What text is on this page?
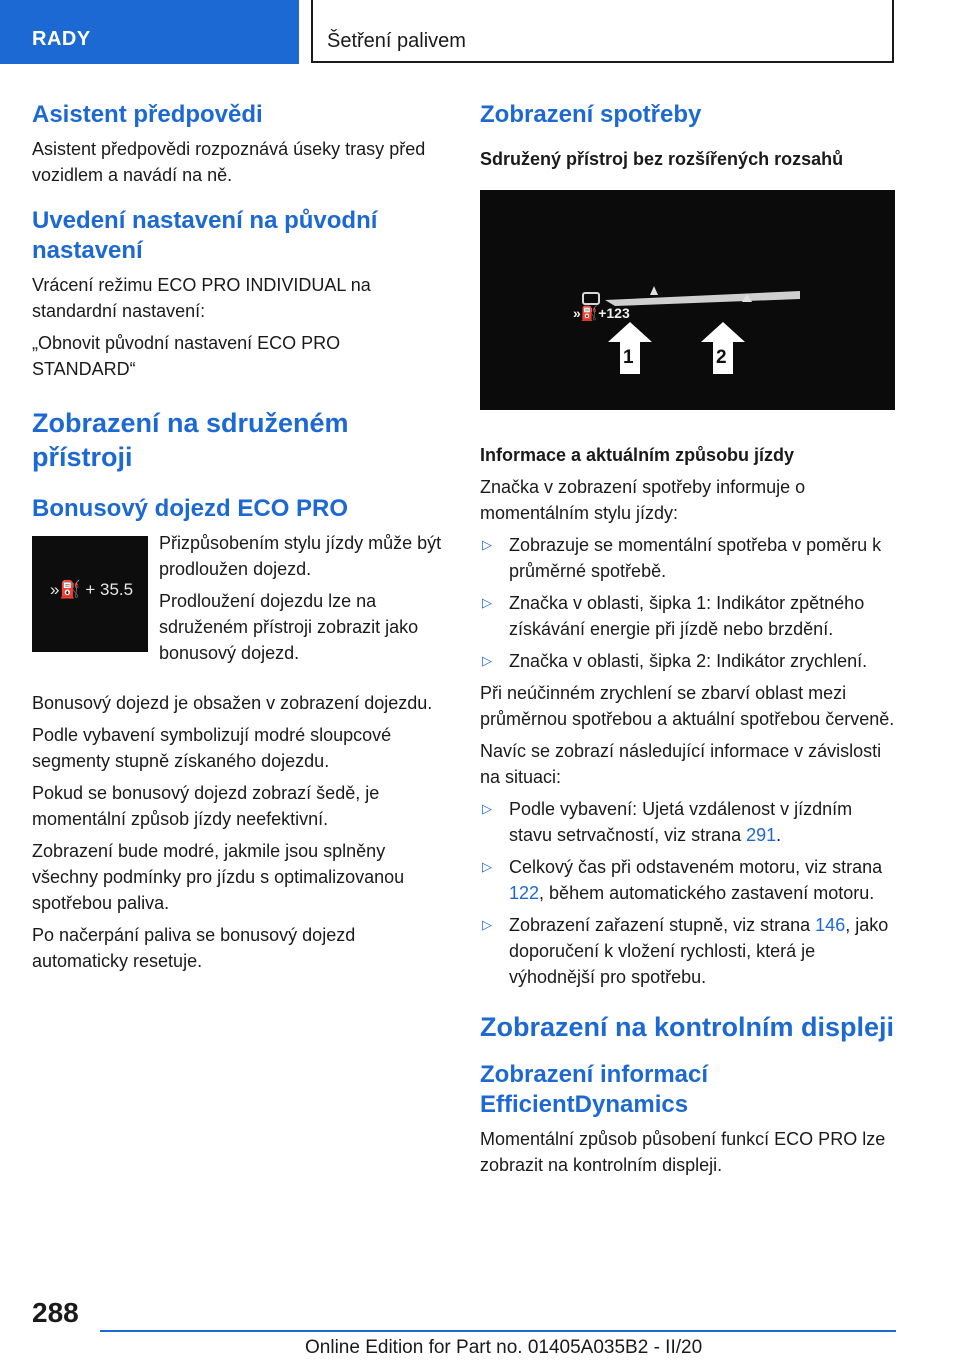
RADY	Šetření palivem
Asistent předpovědi

Asistent předpovědi rozpoznává úseky trasy před vozidlem a navádí na ně.

Uvedení nastavení na původní nastavení

Vrácení režimu ECO PRO INDIVIDUAL na standardní nastavení:

„Obnovit původní nastavení ECO PRO STANDARD“

Zobrazení na sdruženém přístroji
Bonusový dojezd ECO PRO
»⛽ + 35.5

Přizpůsobením stylu jízdy může být prodloužen dojezd.

Prodloužení dojezdu lze na sdruženém přístroji zobrazit jako bonusový dojezd.

Bonusový dojezd je obsažen v zobrazení dojezdu.

Podle vybavení symbolizují modré sloupcové segmenty stupně získaného dojezdu.

Pokud se bonusový dojezd zobrazí šedě, je momentální způsob jízdy neefektivní.

Zobrazení bude modré, jakmile jsou splněny všechny podmínky pro jízdu s optimalizovanou spotřebou paliva.

Po načerpání paliva se bonusový dojezd automaticky resetuje.

Zobrazení spotřeby
Sdružený přístroj bez rozšířených rozsahů
»⛽+123
1	2
Informace a aktuálním způsobu jízdy

Značka v zobrazení spotřeby informuje o momentálním stylu jízdy:

▷ Zobrazuje se momentální spotřeba v poměru k průměrné spotřebě.
▷ Značka v oblasti, šipka 1: Indikátor zpětného získávání energie při jízdě nebo brzdění.
▷ Značka v oblasti, šipka 2: Indikátor zrychlení.

Při neúčinném zrychlení se zbarví oblast mezi průměrnou spotřebou a aktuální spotřebou červeně.

Navíc se zobrazí následující informace v závislosti na situaci:

▷ Podle vybavení: Ujetá vzdálenost v jízdním stavu setrvačností, viz strana 291.
▷ Celkový čas při odstaveném motoru, viz strana 122, během automatického zastavení motoru.
▷ Zobrazení zařazení stupně, viz strana 146, jako doporučení k vložení rychlosti, která je výhodnější pro spotřebu.
Zobrazení na kontrolním displeji
Zobrazení informací EfficientDynamics

Momentální způsob působení funkcí ECO PRO lze zobrazit na kontrolním displeji.

288
Online Edition for Part no. 01405A035B2 - II/20
